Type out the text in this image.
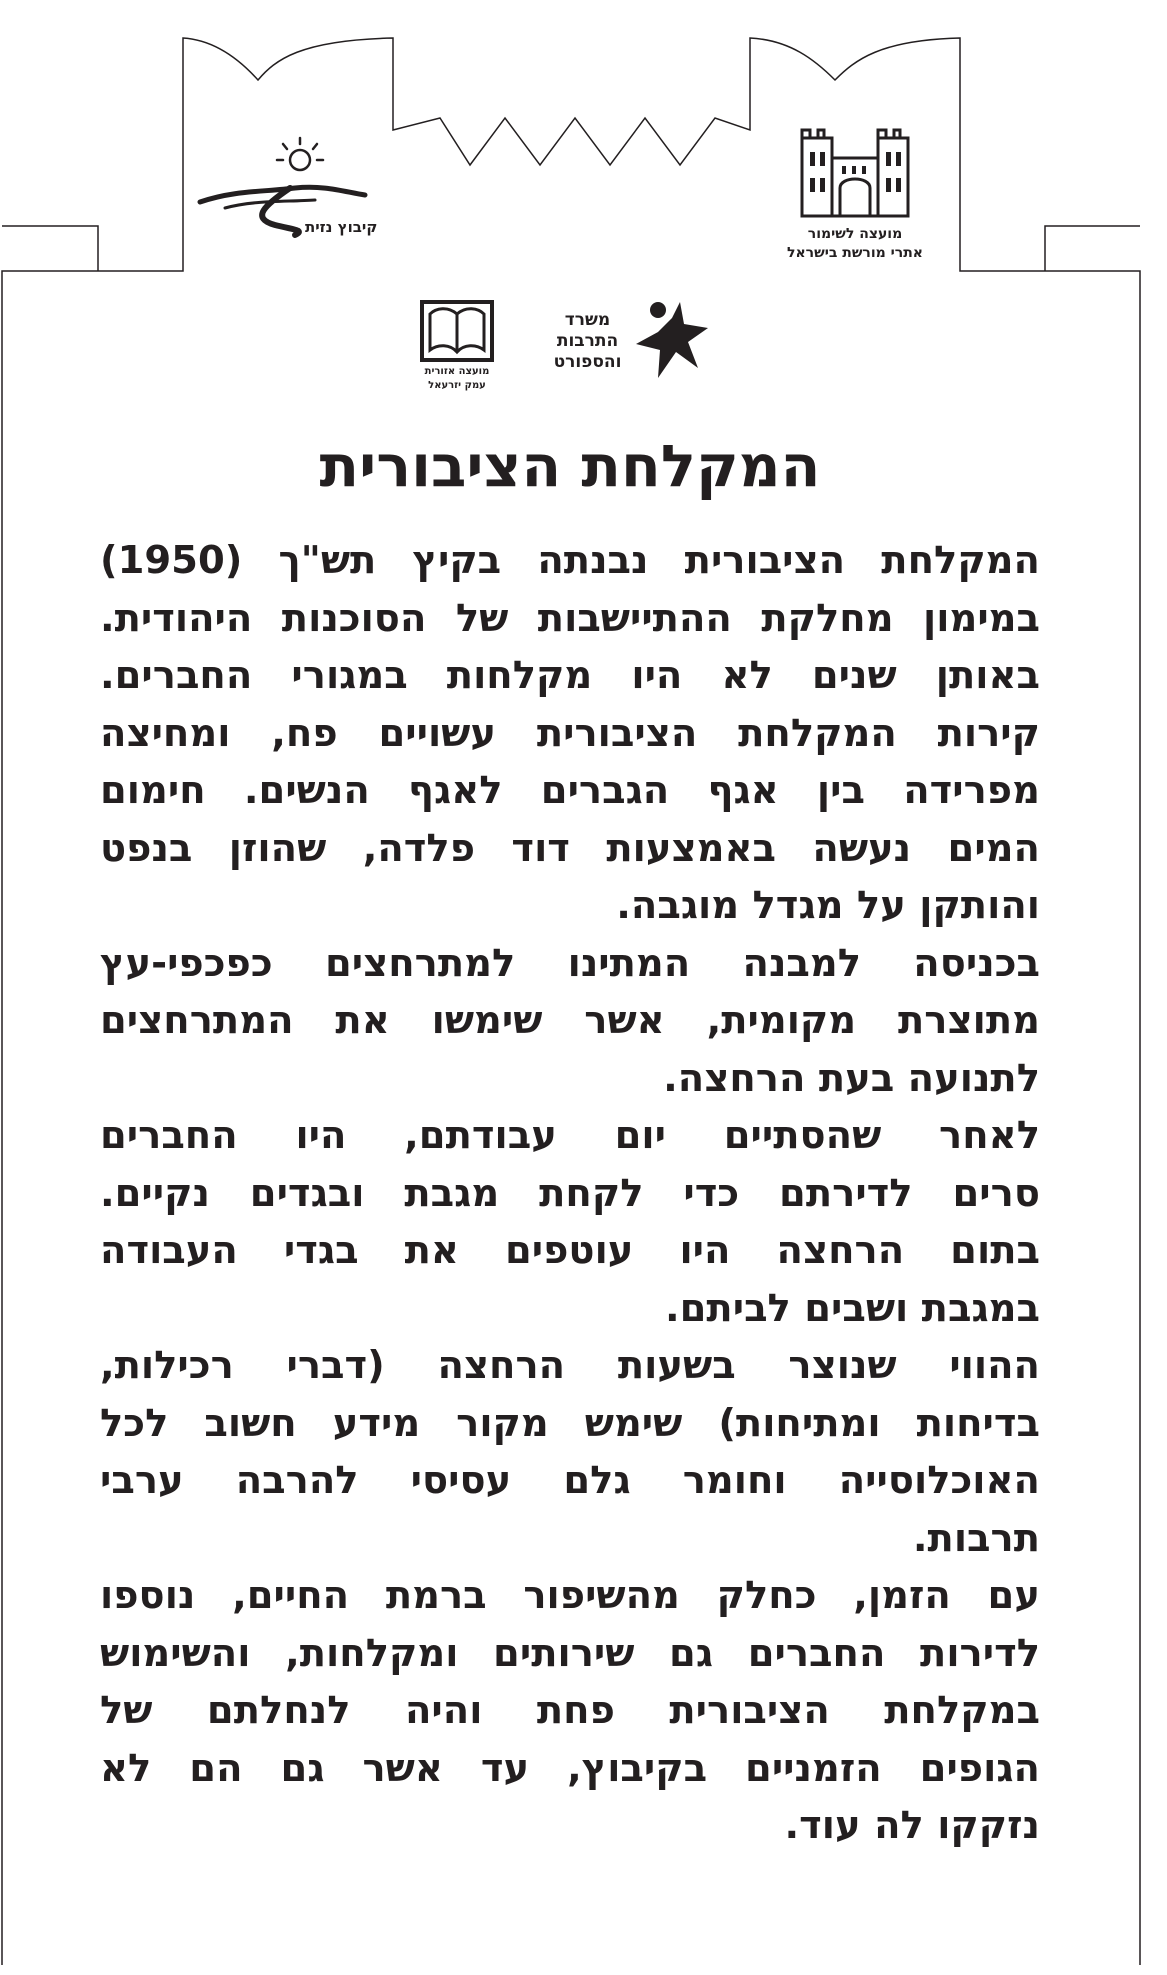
קיבוץ נזית	מועצה לשימור
אתרי מורשת בישראל
מועצה אזורית
עמק יזרעאל
משרד
התרבות
והספורט
המקלחת הציבורית
המקלחת הציבורית נבנתה בקיץ תש"ך (1950)
במימון מחלקת ההתיישבות של הסוכנות היהודית.
באותן שנים לא היו מקלחות במגורי החברים.
קירות המקלחת הציבורית עשויים פח, ומחיצה
מפרידה בין אגף הגברים לאגף הנשים. חימום
המים נעשה באמצעות דוד פלדה, שהוזן בנפט
והותקן על מגדל מוגבה.
בכניסה למבנה המתינו למתרחצים כפכפי-עץ
מתוצרת מקומית, אשר שימשו את המתרחצים
לתנועה בעת הרחצה.
לאחר שהסתיים יום עבודתם, היו החברים
סרים לדירתם כדי לקחת מגבת ובגדים נקיים.
בתום הרחצה היו עוטפים את בגדי העבודה
במגבת ושבים לביתם.
ההווי שנוצר בשעות הרחצה (דברי רכילות,
בדיחות ומתיחות) שימש מקור מידע חשוב לכל
האוכלוסייה וחומר גלם עסיסי להרבה ערבי
תרבות.
עם הזמן, כחלק מהשיפור ברמת החיים, נוספו
לדירות החברים גם שירותים ומקלחות, והשימוש
במקלחת הציבורית פחת והיה לנחלתם של
הגופים הזמניים בקיבוץ, עד אשר גם הם לא
נזקקו לה עוד.
